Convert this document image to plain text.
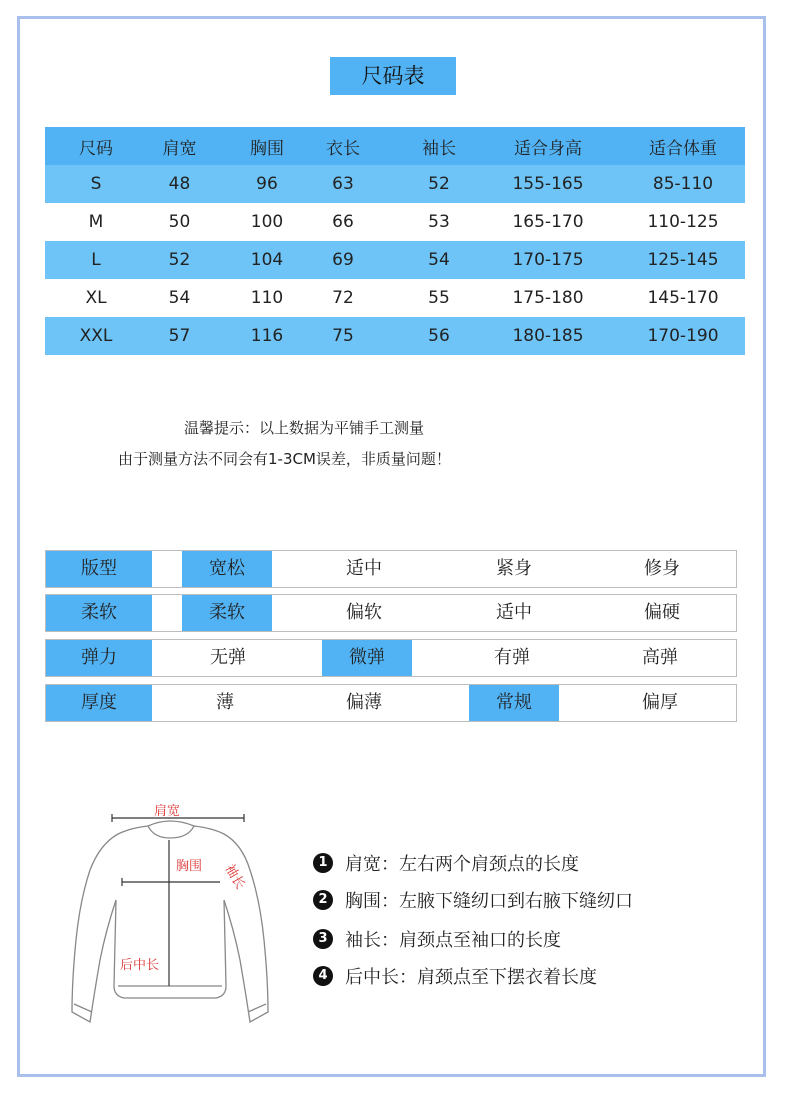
尺码表
尺码	肩宽	胸围	衣长	袖长	适合身高	适合体重
S	48	96	63	52	155-165	85-110
M	50	100	66	53	165-170	110-125
L	52	104	69	54	170-175	125-145
XL	54	110	72	55	175-180	145-170
XXL	57	116	75	56	180-185	170-190
温馨提示：以上数据为平铺手工测量
由于测量方法不同会有1-3CM误差，非质量问题！
版型	宽松	适中	紧身	修身
柔软	柔软	偏软	适中	偏硬
弹力	无弹	微弹	有弹	高弹
厚度	薄	偏薄	常规	偏厚
肩宽
胸围 袖长
后中长
1 肩宽：左右两个肩颈点的长度
2 胸围：左腋下缝纫口到右腋下缝纫口
3 袖长：肩颈点至袖口的长度
4 后中长：肩颈点至下摆衣着长度
